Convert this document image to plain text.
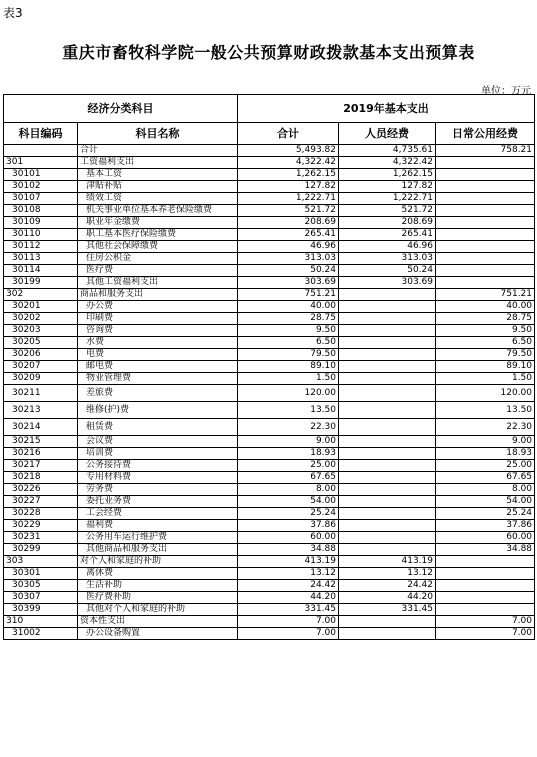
表3
重庆市畜牧科学院一般公共预算财政拨款基本支出预算表
单位：万元
经济分类科目		2019年基本支出		
科目编码	科目名称	合计	人员经费	日常公用经费
	合计	5,493.82	4,735.61	758.21
301	工资福利支出	4,322.42	4,322.42	
30101	基本工资	1,262.15	1,262.15	
30102	津贴补贴	127.82	127.82	
30107	绩效工资	1,222.71	1,222.71	
30108	机关事业单位基本养老保险缴费	521.72	521.72	
30109	职业年金缴费	208.69	208.69	
30110	职工基本医疗保险缴费	265.41	265.41	
30112	其他社会保障缴费	46.96	46.96	
30113	住房公积金	313.03	313.03	
30114	医疗费	50.24	50.24	
30199	其他工资福利支出	303.69	303.69	
302	商品和服务支出	751.21		751.21
30201	办公费	40.00		40.00
30202	印刷费	28.75		28.75
30203	咨询费	9.50		9.50
30205	水费	6.50		6.50
30206	电费	79.50		79.50
30207	邮电费	89.10		89.10
30209	物业管理费	1.50		1.50
30211	差旅费	120.00		120.00
30213	维修(护)费	13.50		13.50
30214	租赁费	22.30		22.30
30215	会议费	9.00		9.00
30216	培训费	18.93		18.93
30217	公务接待费	25.00		25.00
30218	专用材料费	67.65		67.65
30226	劳务费	8.00		8.00
30227	委托业务费	54.00		54.00
30228	工会经费	25.24		25.24
30229	福利费	37.86		37.86
30231	公务用车运行维护费	60.00		60.00
30299	其他商品和服务支出	34.88		34.88
303	对个人和家庭的补助	413.19	413.19	
30301	离休费	13.12	13.12	
30305	生活补助	24.42	24.42	
30307	医疗费补助	44.20	44.20	
30399	其他对个人和家庭的补助	331.45	331.45	
310	资本性支出	7.00		7.00
31002	办公设备购置	7.00		7.00
